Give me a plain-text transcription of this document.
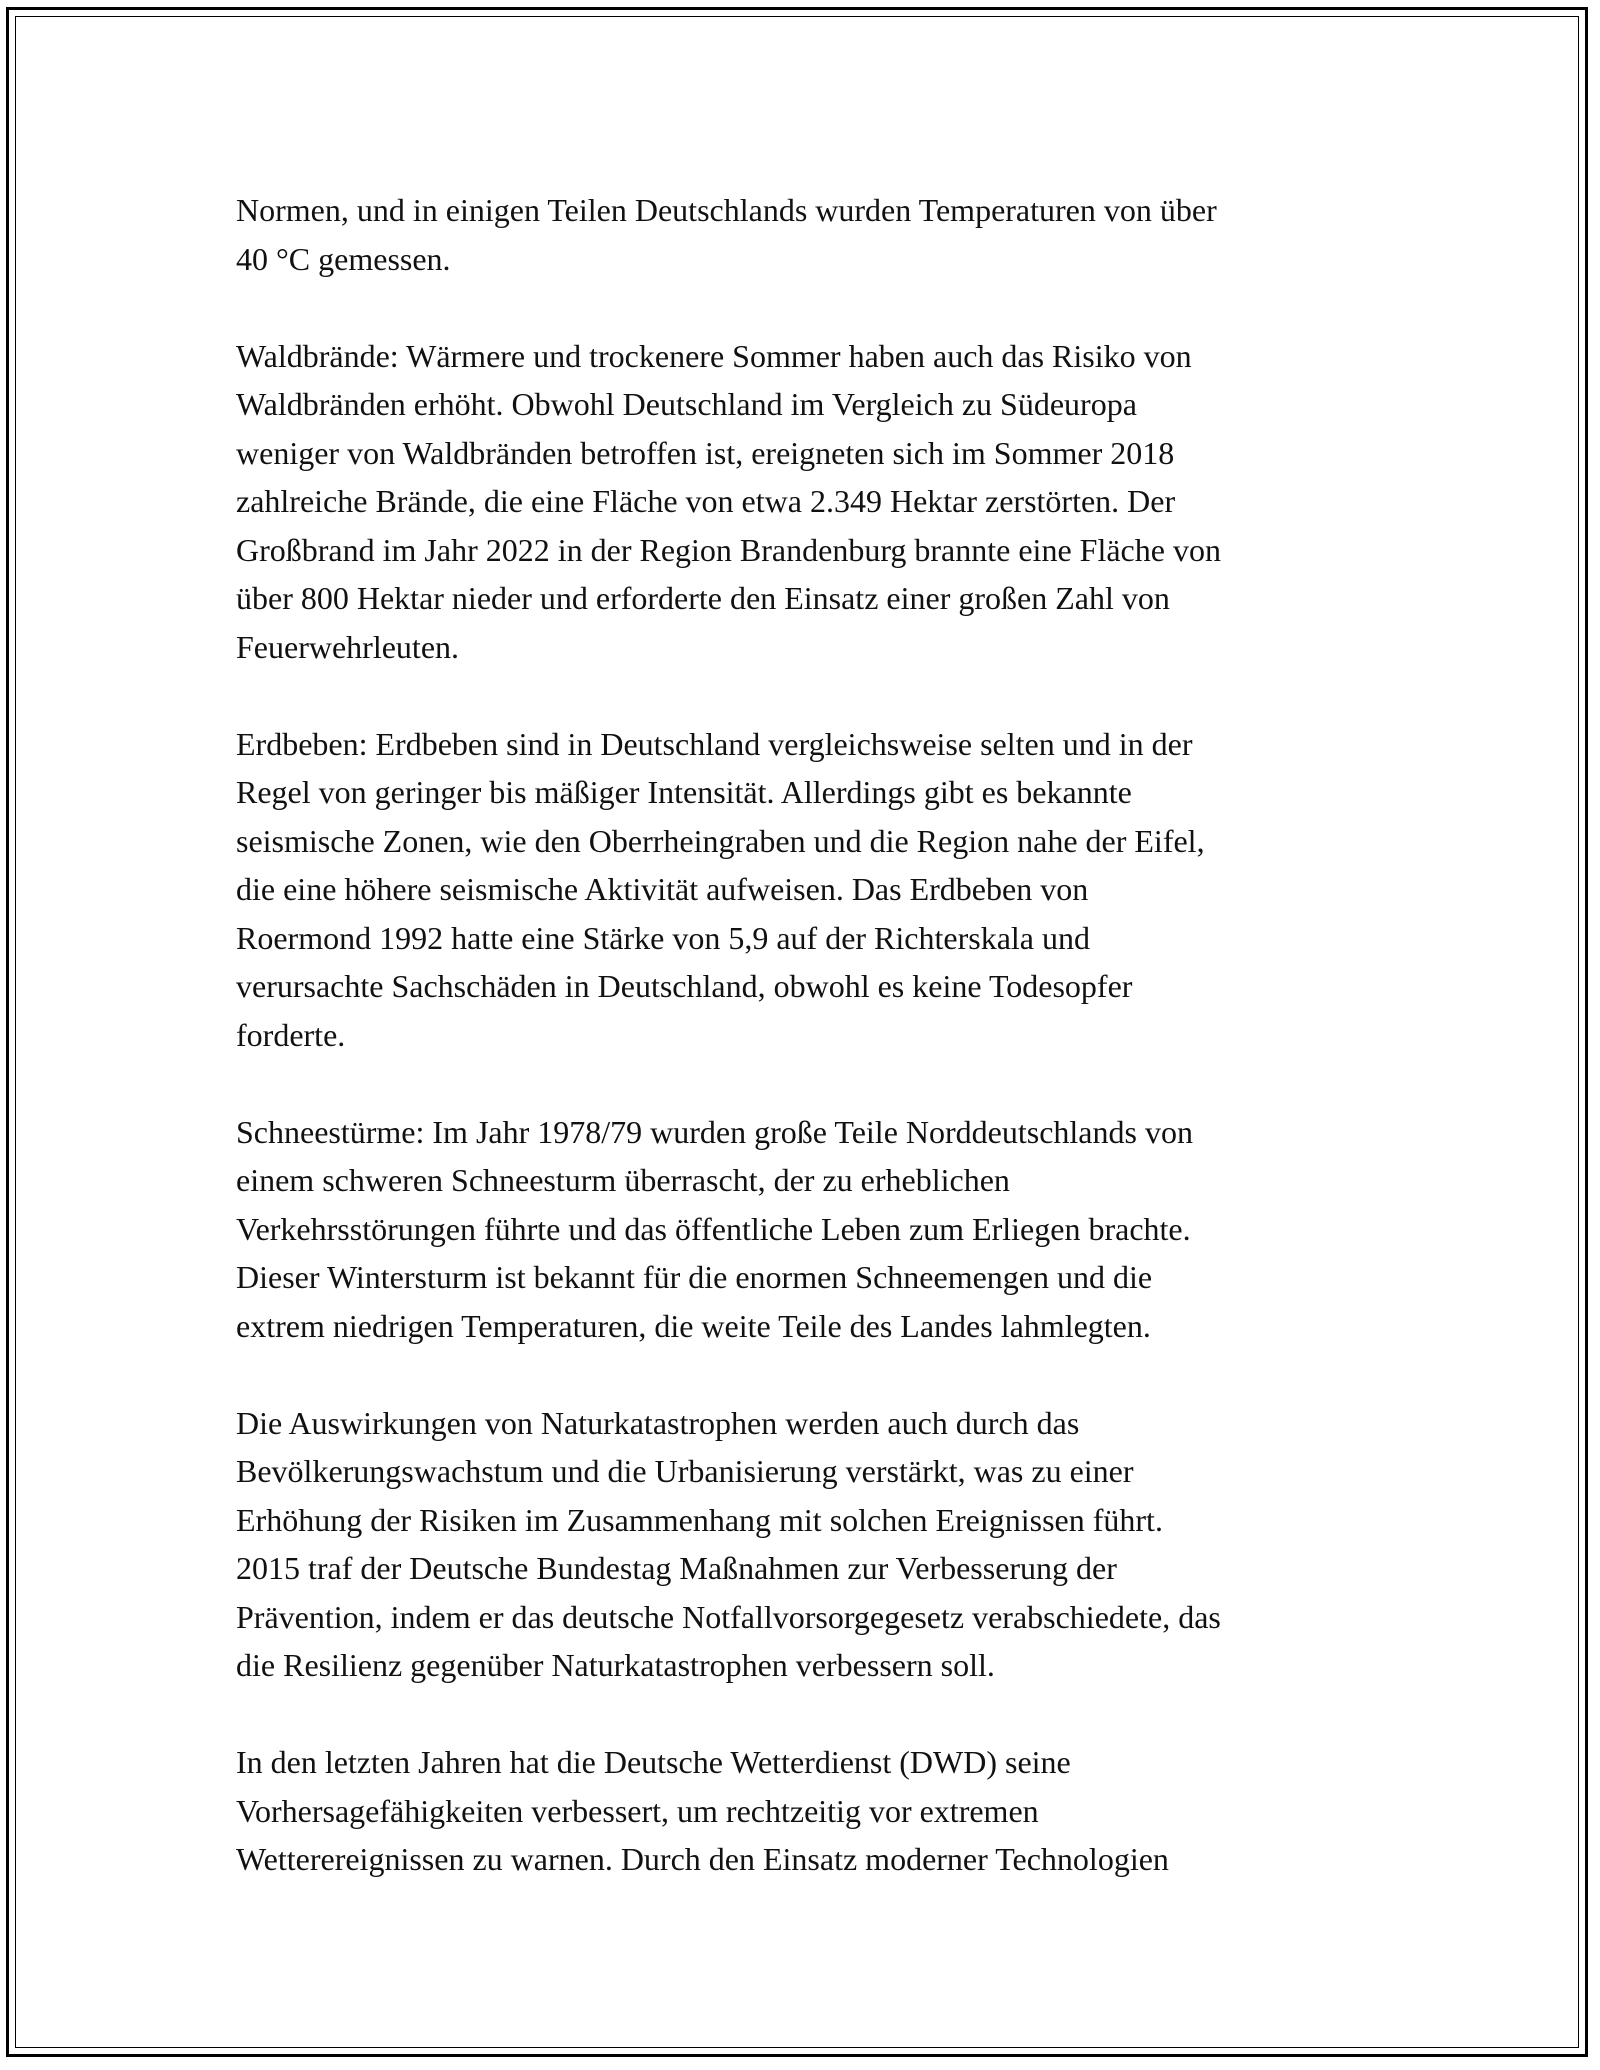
Normen, und in einigen Teilen Deutschlands wurden Temperaturen von über
40 °C gemessen.

Waldbrände: Wärmere und trockenere Sommer haben auch das Risiko von
Waldbränden erhöht. Obwohl Deutschland im Vergleich zu Südeuropa
weniger von Waldbränden betroffen ist, ereigneten sich im Sommer 2018
zahlreiche Brände, die eine Fläche von etwa 2.349 Hektar zerstörten. Der
Großbrand im Jahr 2022 in der Region Brandenburg brannte eine Fläche von
über 800 Hektar nieder und erforderte den Einsatz einer großen Zahl von
Feuerwehrleuten.

Erdbeben: Erdbeben sind in Deutschland vergleichsweise selten und in der
Regel von geringer bis mäßiger Intensität. Allerdings gibt es bekannte
seismische Zonen, wie den Oberrheingraben und die Region nahe der Eifel,
die eine höhere seismische Aktivität aufweisen. Das Erdbeben von
Roermond 1992 hatte eine Stärke von 5,9 auf der Richterskala und
verursachte Sachschäden in Deutschland, obwohl es keine Todesopfer
forderte.

Schneestürme: Im Jahr 1978/79 wurden große Teile Norddeutschlands von
einem schweren Schneesturm überrascht, der zu erheblichen
Verkehrsstörungen führte und das öffentliche Leben zum Erliegen brachte.
Dieser Wintersturm ist bekannt für die enormen Schneemengen und die
extrem niedrigen Temperaturen, die weite Teile des Landes lahmlegten.

Die Auswirkungen von Naturkatastrophen werden auch durch das
Bevölkerungswachstum und die Urbanisierung verstärkt, was zu einer
Erhöhung der Risiken im Zusammenhang mit solchen Ereignissen führt.
2015 traf der Deutsche Bundestag Maßnahmen zur Verbesserung der
Prävention, indem er das deutsche Notfallvorsorgegesetz verabschiedete, das
die Resilienz gegenüber Naturkatastrophen verbessern soll.

In den letzten Jahren hat die Deutsche Wetterdienst (DWD) seine
Vorhersagefähigkeiten verbessert, um rechtzeitig vor extremen
Wetterereignissen zu warnen. Durch den Einsatz moderner Technologien
